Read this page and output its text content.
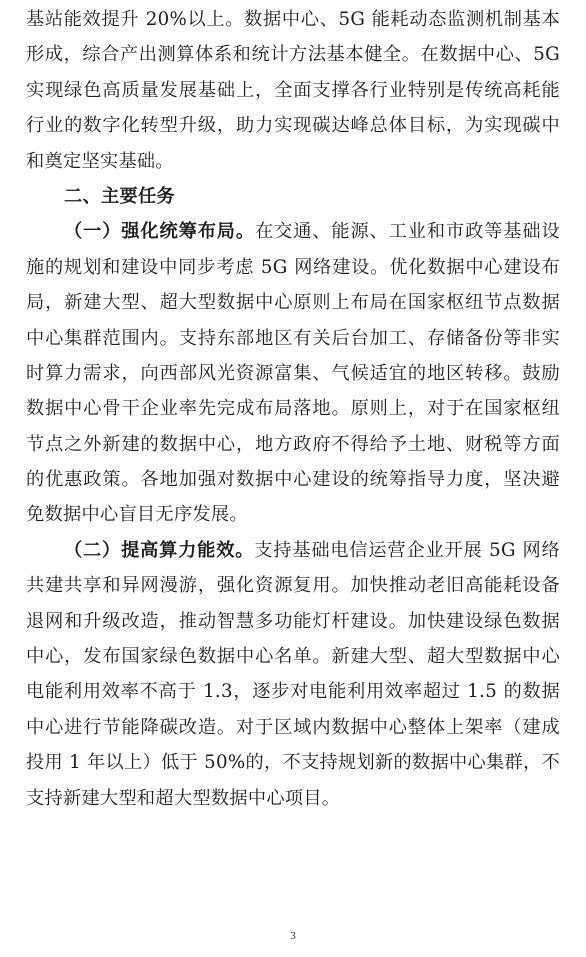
基站能效提升 20%以上。数据中心、5G 能耗动态监测机制基本
形成，综合产出测算体系和统计方法基本健全。在数据中心、5G
实现绿色高质量发展基础上，全面支撑各行业特别是传统高耗能
行业的数字化转型升级，助力实现碳达峰总体目标，为实现碳中
和奠定坚实基础。
二、主要任务
（一）强化统筹布局。在交通、能源、工业和市政等基础设
施的规划和建设中同步考虑 5G 网络建设。优化数据中心建设布
局，新建大型、超大型数据中心原则上布局在国家枢纽节点数据
中心集群范围内。支持东部地区有关后台加工、存储备份等非实
时算力需求，向西部风光资源富集、气候适宜的地区转移。鼓励
数据中心骨干企业率先完成布局落地。原则上，对于在国家枢纽
节点之外新建的数据中心，地方政府不得给予土地、财税等方面
的优惠政策。各地加强对数据中心建设的统筹指导力度，坚决避
免数据中心盲目无序发展。
（二）提高算力能效。支持基础电信运营企业开展 5G 网络
共建共享和异网漫游，强化资源复用。加快推动老旧高能耗设备
退网和升级改造，推动智慧多功能灯杆建设。加快建设绿色数据
中心，发布国家绿色数据中心名单。新建大型、超大型数据中心
电能利用效率不高于 1.3，逐步对电能利用效率超过 1.5 的数据
中心进行节能降碳改造。对于区域内数据中心整体上架率（建成
投用 1 年以上）低于 50%的，不支持规划新的数据中心集群，不
支持新建大型和超大型数据中心项目。
3
